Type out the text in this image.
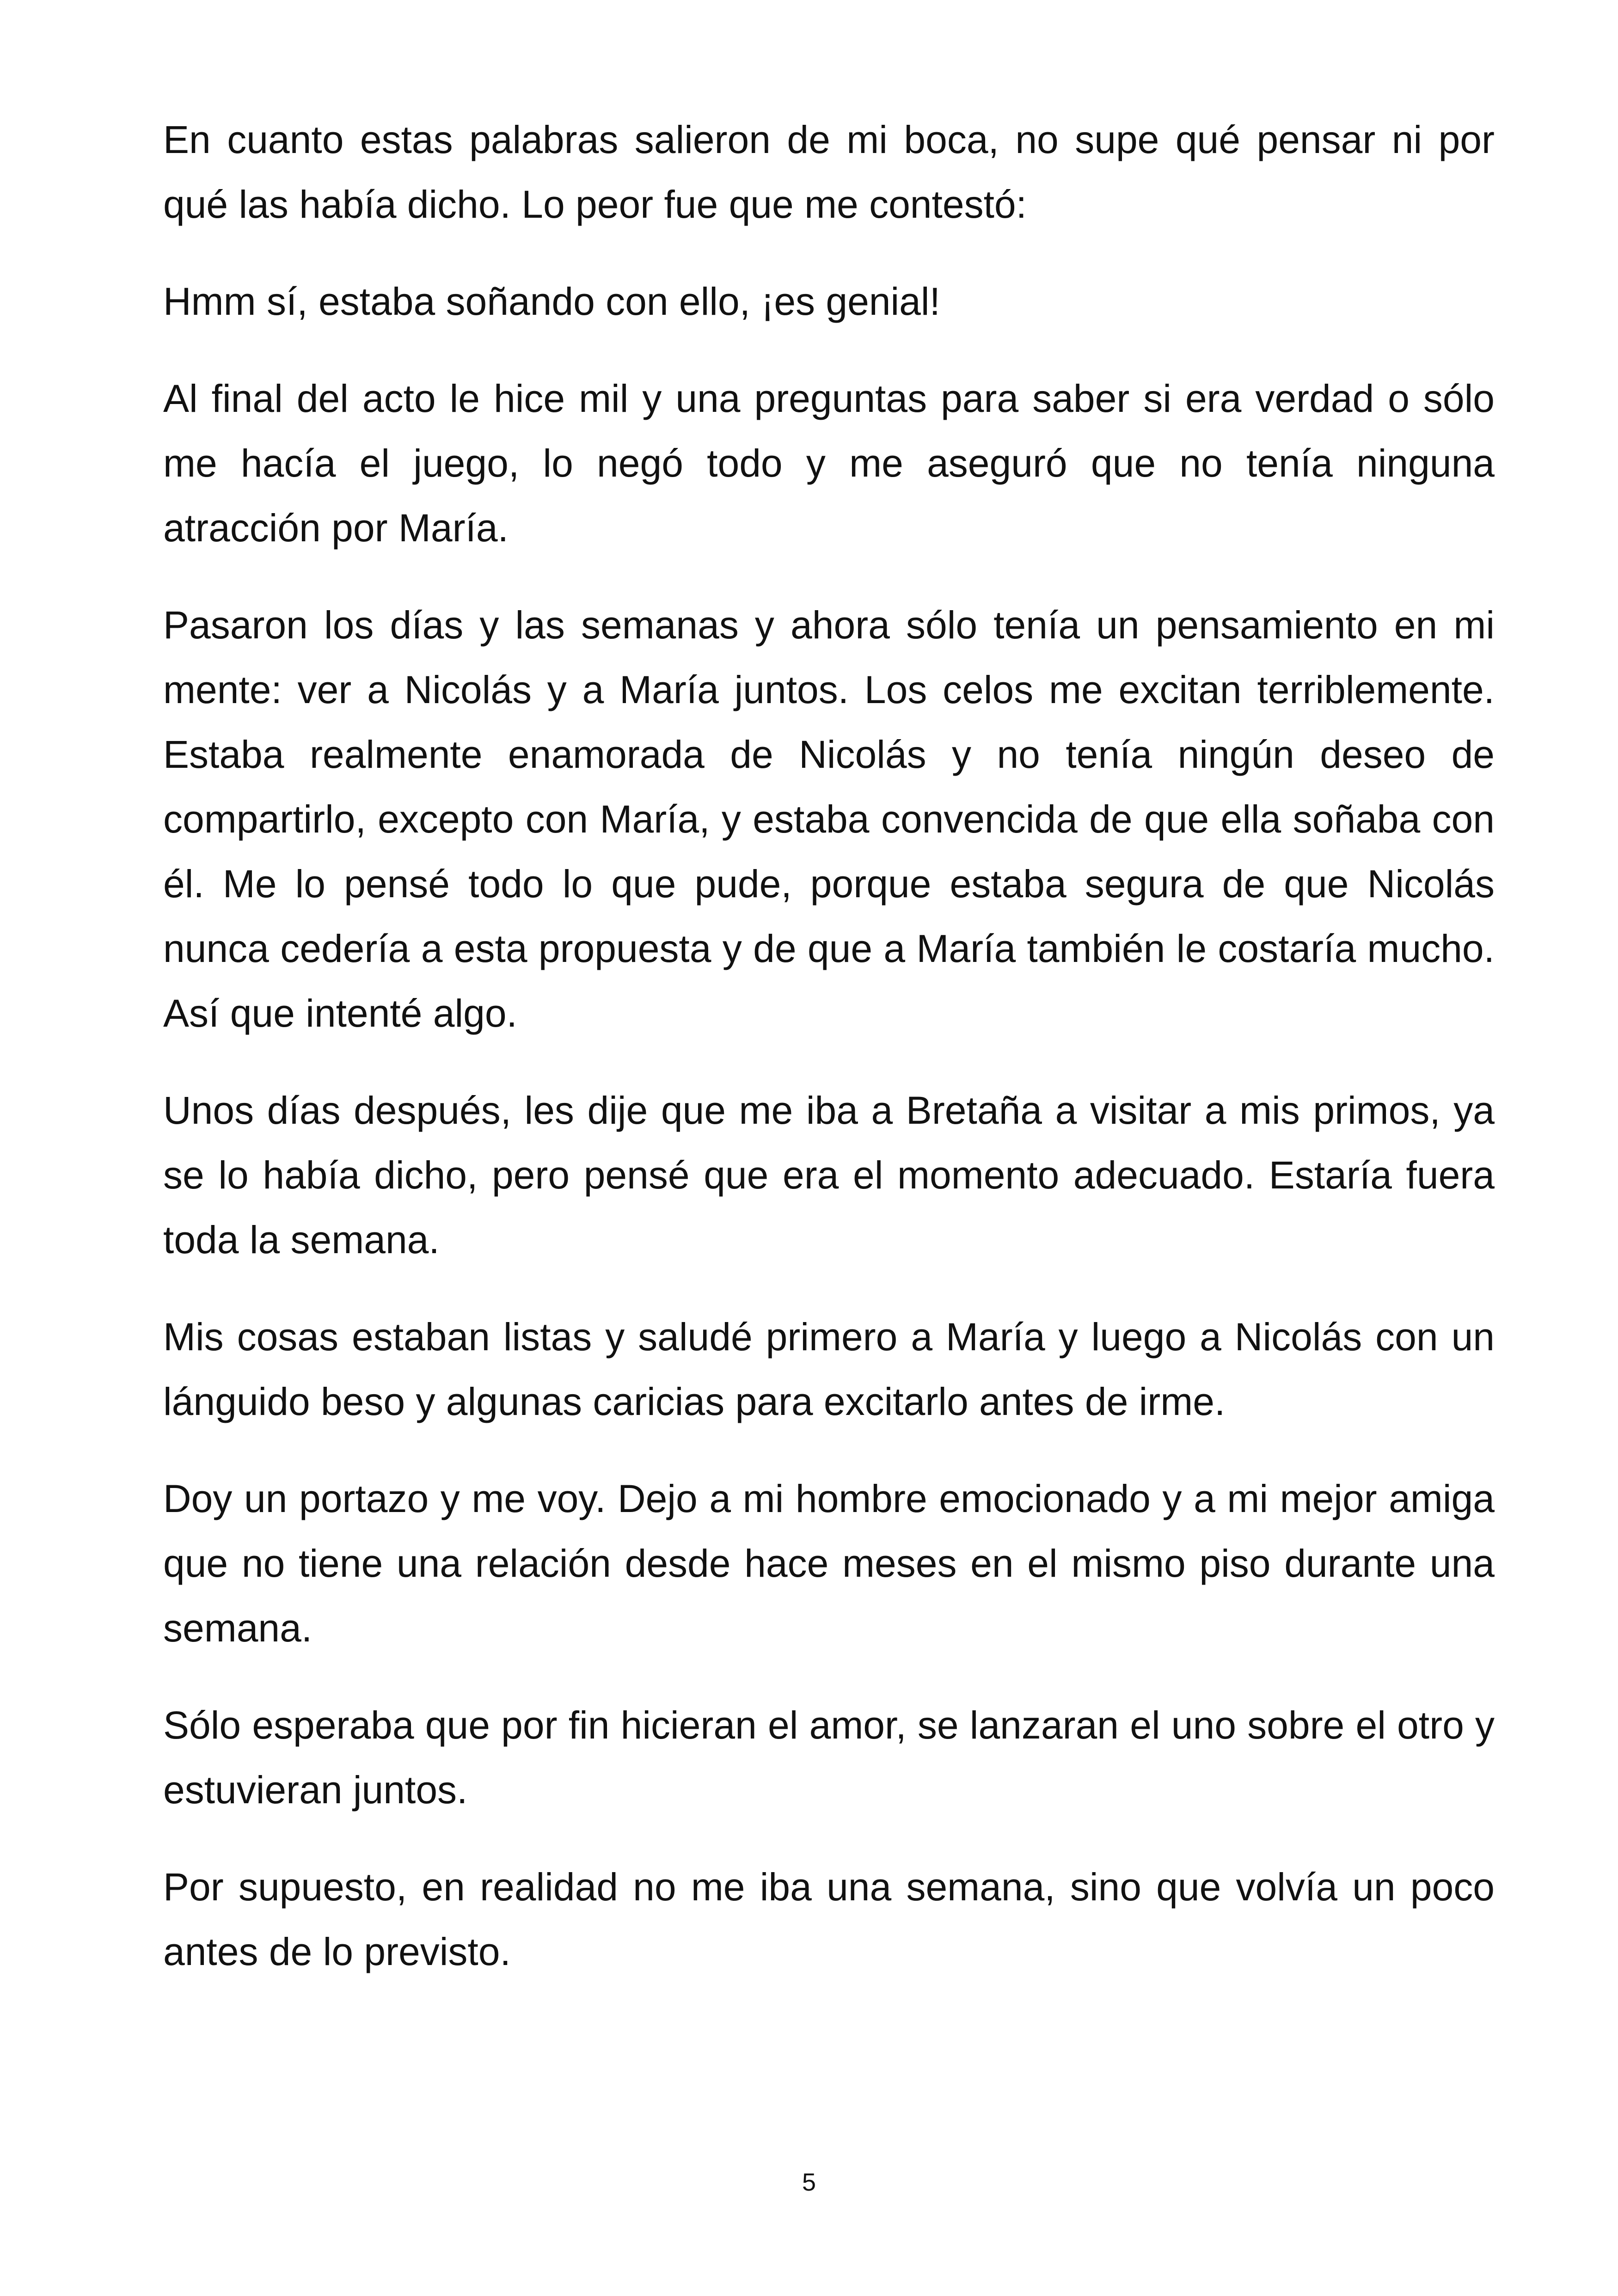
En cuanto estas palabras salieron de mi boca, no supe qué pensar ni por qué las había dicho. Lo peor fue que me contestó:

Hmm sí, estaba soñando con ello, ¡es genial!

Al final del acto le hice mil y una preguntas para saber si era verdad o sólo me hacía el juego, lo negó todo y me aseguró que no tenía ninguna atracción por María.

Pasaron los días y las semanas y ahora sólo tenía un pensamiento en mi mente: ver a Nicolás y a María juntos. Los celos me excitan terriblemente. Estaba realmente enamorada de Nicolás y no tenía ningún deseo de compartirlo, excepto con María, y estaba convencida de que ella soñaba con él. Me lo pensé todo lo que pude, porque estaba segura de que Nicolás nunca cedería a esta propuesta y de que a María también le costaría mucho. Así que intenté algo.

Unos días después, les dije que me iba a Bretaña a visitar a mis primos, ya se lo había dicho, pero pensé que era el momento adecuado. Estaría fuera toda la semana.

Mis cosas estaban listas y saludé primero a María y luego a Nicolás con un lánguido beso y algunas caricias para excitarlo antes de irme.

Doy un portazo y me voy. Dejo a mi hombre emocionado y a mi mejor amiga que no tiene una relación desde hace meses en el mismo piso durante una semana.

Sólo esperaba que por fin hicieran el amor, se lanzaran el uno sobre el otro y estuvieran juntos.

Por supuesto, en realidad no me iba una semana, sino que volvía un poco antes de lo previsto.

5
